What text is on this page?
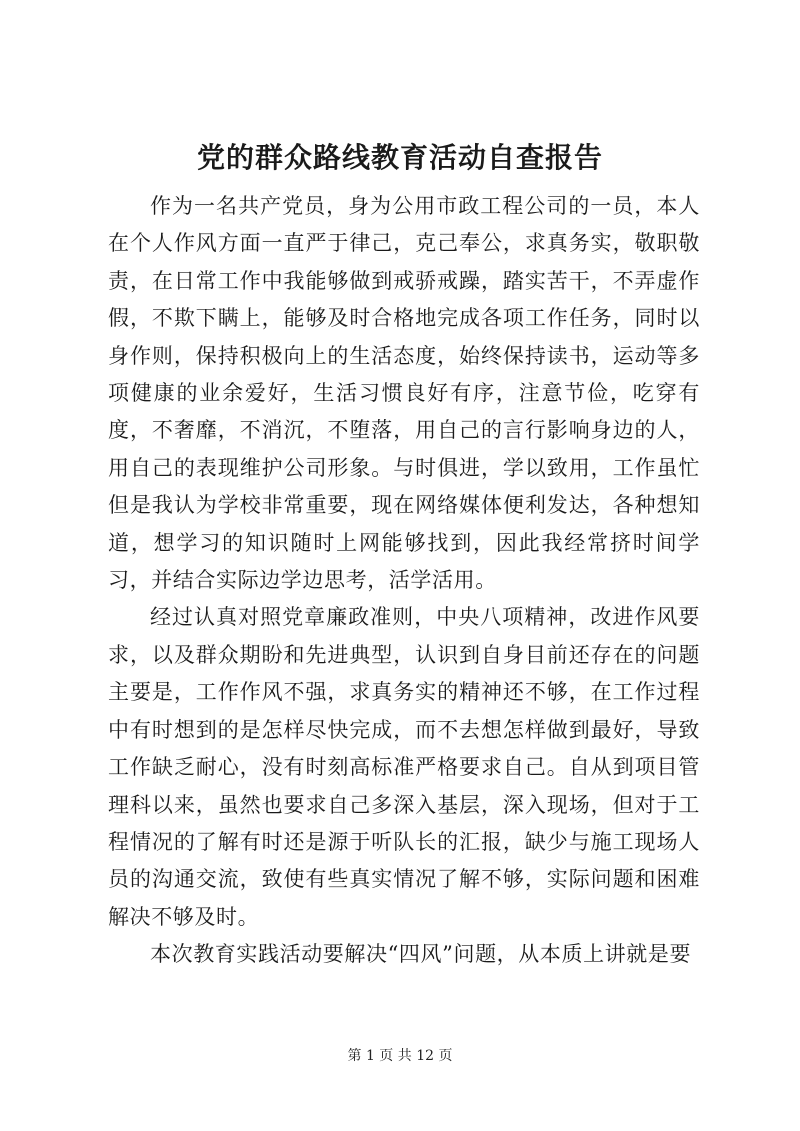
党的群众路线教育活动自查报告

作为一名共产党员，身为公用市政工程公司的一员，本人在个人作风方面一直严于律己，克己奉公，求真务实，敬职敬责，在日常工作中我能够做到戒骄戒躁，踏实苦干，不弄虚作假，不欺下瞒上，能够及时合格地完成各项工作任务，同时以身作则，保持积极向上的生活态度，始终保持读书，运动等多项健康的业余爱好，生活习惯良好有序，注意节俭，吃穿有度，不奢靡，不消沉，不堕落，用自己的言行影响身边的人，用自己的表现维护公司形象。与时俱进，学以致用，工作虽忙但是我认为学校非常重要，现在网络媒体便利发达，各种想知道，想学习的知识随时上网能够找到，因此我经常挤时间学习，并结合实际边学边思考，活学活用。

经过认真对照党章廉政准则，中央八项精神，改进作风要求，以及群众期盼和先进典型，认识到自身目前还存在的问题主要是，工作作风不强，求真务实的精神还不够，在工作过程中有时想到的是怎样尽快完成，而不去想怎样做到最好，导致工作缺乏耐心，没有时刻高标准严格要求自己。自从到项目管理科以来，虽然也要求自己多深入基层，深入现场，但对于工程情况的了解有时还是源于听队长的汇报，缺少与施工现场人员的沟通交流，致使有些真实情况了解不够，实际问题和困难解决不够及时。

本次教育实践活动要解决“四风”问题，从本质上讲就是要

第 1 页 共 12 页
